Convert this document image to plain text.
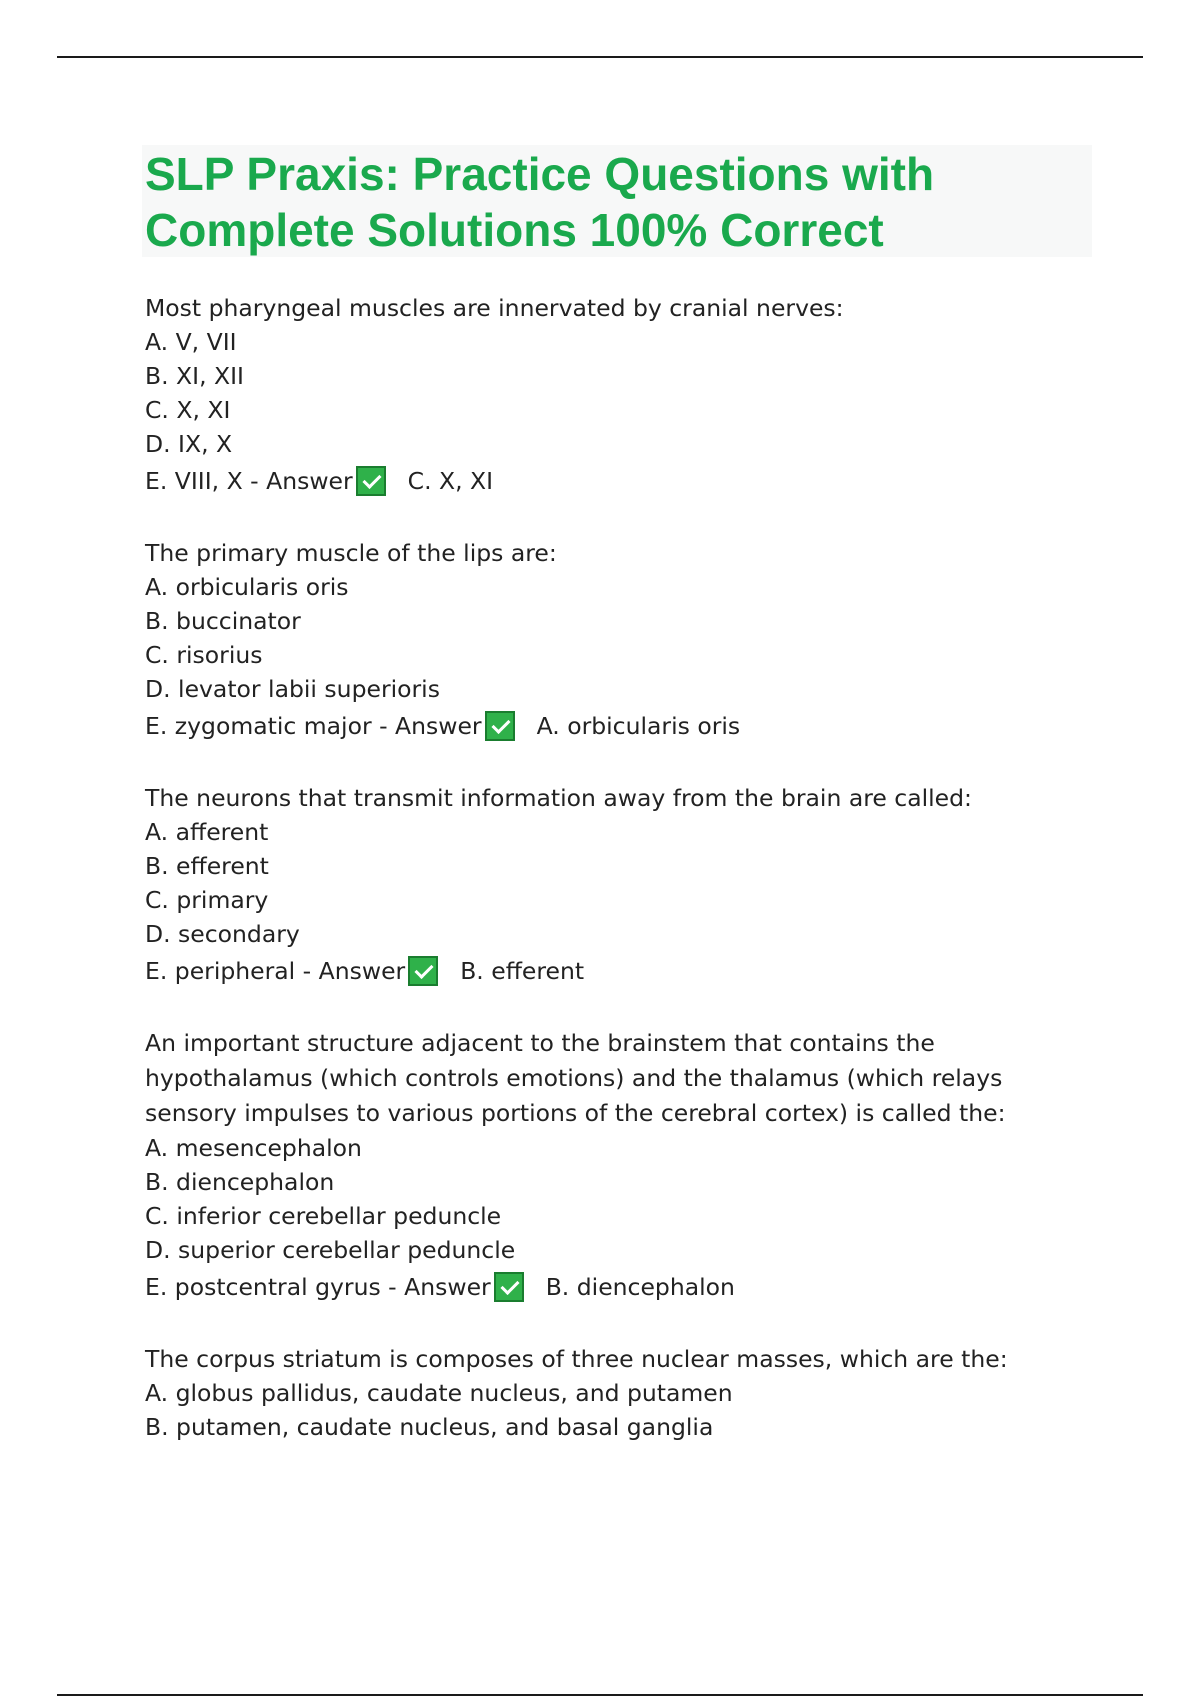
SLP Praxis: Practice Questions with Complete Solutions 100% Correct

Most pharyngeal muscles are innervated by cranial nerves:

A. V, VII

B. XI, XII

C. X, XI

D. IX, X

E. VIII, X - Answer C. X, XI

The primary muscle of the lips are:

A. orbicularis oris

B. buccinator

C. risorius

D. levator labii superioris

E. zygomatic major - Answer A. orbicularis oris

The neurons that transmit information away from the brain are called:

A. afferent

B. efferent

C. primary

D. secondary

E. peripheral - Answer B. efferent

An important structure adjacent to the brainstem that contains the hypothalamus (which controls emotions) and the thalamus (which relays sensory impulses to various portions of the cerebral cortex) is called the:

A. mesencephalon

B. diencephalon

C. inferior cerebellar peduncle

D. superior cerebellar peduncle

E. postcentral gyrus - Answer B. diencephalon

The corpus striatum is composes of three nuclear masses, which are the:

A. globus pallidus, caudate nucleus, and putamen

B. putamen, caudate nucleus, and basal ganglia
